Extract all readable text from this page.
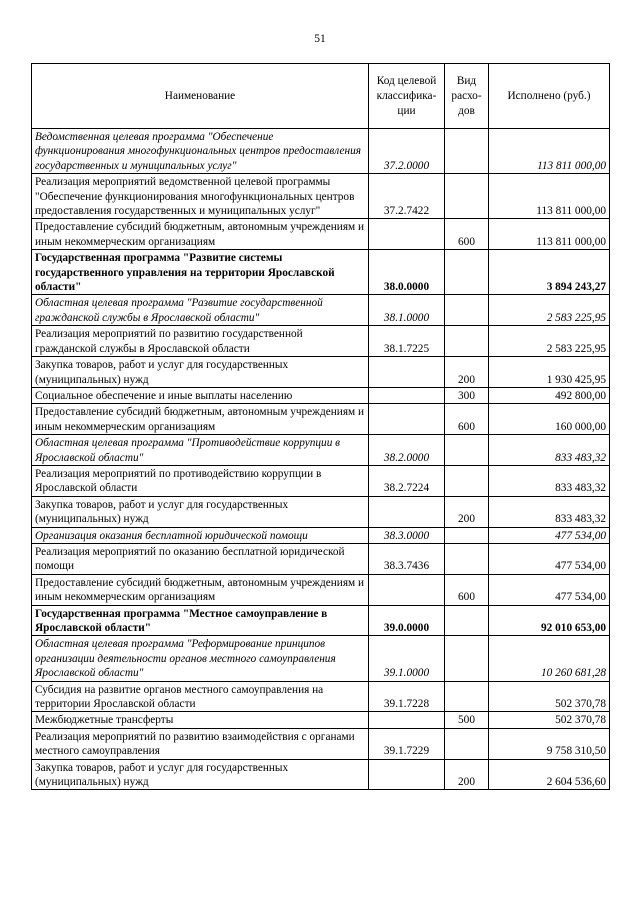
51
Наименование	Код целевой классифика-ции	Вид расхо-дов	Исполнено (руб.)
Ведомственная целевая программа "Обеспечение функционирования многофункциональных центров предоставления государственных и муниципальных услуг"	37.2.0000		113 811 000,00
Реализация мероприятий ведомственной целевой программы "Обеспечение функционирования многофункциональных центров предоставления государственных и муниципальных услуг"	37.2.7422		113 811 000,00
Предоставление субсидий бюджетным, автономным учреждениям и иным некоммерческим организациям		600	113 811 000,00
Государственная программа "Развитие системы государственного управления на территории Ярославской области"	38.0.0000		3 894 243,27
Областная целевая программа "Развитие государственной гражданской службы в Ярославской области"	38.1.0000		2 583 225,95
Реализация мероприятий по развитию государственной гражданской службы в Ярославской области	38.1.7225		2 583 225,95
Закупка товаров, работ и услуг для государственных (муниципальных) нужд		200	1 930 425,95
Социальное обеспечение и иные выплаты населению		300	492 800,00
Предоставление субсидий бюджетным, автономным учреждениям и иным некоммерческим организациям		600	160 000,00
Областная целевая программа "Противодействие коррупции в Ярославской области"	38.2.0000		833 483,32
Реализация мероприятий по противодействию коррупции в Ярославской области	38.2.7224		833 483,32
Закупка товаров, работ и услуг для государственных (муниципальных) нужд		200	833 483,32
Организация оказания бесплатной юридической помощи	38.3.0000		477 534,00
Реализация мероприятий по оказанию бесплатной юридической помощи	38.3.7436		477 534,00
Предоставление субсидий бюджетным, автономным учреждениям и иным некоммерческим организациям		600	477 534,00
Государственная программа "Местное самоуправление в Ярославской области"	39.0.0000		92 010 653,00
Областная целевая программа "Реформирование принципов организации деятельности органов местного самоуправления Ярославской области"	39.1.0000		10 260 681,28
Субсидия на развитие органов местного самоуправления на территории Ярославской области	39.1.7228		502 370,78
Межбюджетные трансферты		500	502 370,78
Реализация мероприятий по развитию взаимодействия с органами местного самоуправления	39.1.7229		9 758 310,50
Закупка товаров, работ и услуг для государственных (муниципальных) нужд		200	2 604 536,60
